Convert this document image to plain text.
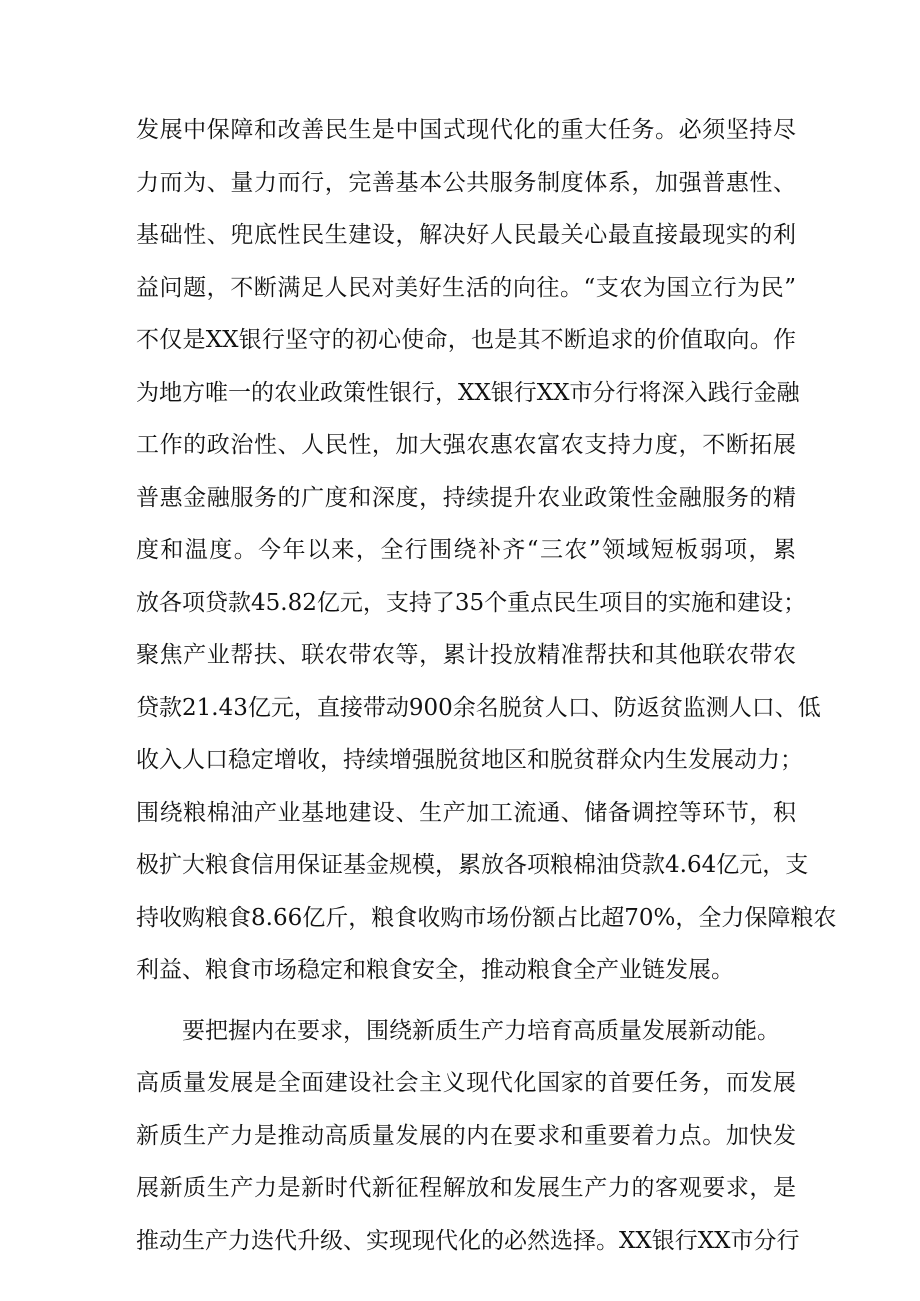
发展中保障和改善民生是中国式现代化的重大任务。必须坚持尽
力而为、量力而行，完善基本公共服务制度体系，加强普惠性、
基础性、兜底性民生建设，解决好人民最关心最直接最现实的利
益问题，不断满足人民对美好生活的向往。“支农为国立行为民”
不仅是XX银行坚守的初心使命，也是其不断追求的价值取向。作
为地方唯一的农业政策性银行，XX银行XX市分行将深入践行金融
工作的政治性、人民性，加大强农惠农富农支持力度，不断拓展
普惠金融服务的广度和深度，持续提升农业政策性金融服务的精
度和温度。今年以来，全行围绕补齐“三农”领域短板弱项，累
放各项贷款45.82亿元，支持了35个重点民生项目的实施和建设；
聚焦产业帮扶、联农带农等，累计投放精准帮扶和其他联农带农
贷款21.43亿元，直接带动900余名脱贫人口、防返贫监测人口、低
收入人口稳定增收，持续增强脱贫地区和脱贫群众内生发展动力；
围绕粮棉油产业基地建设、生产加工流通、储备调控等环节，积
极扩大粮食信用保证基金规模，累放各项粮棉油贷款4.64亿元，支
持收购粮食8.66亿斤，粮食收购市场份额占比超70%，全力保障粮农
利益、粮食市场稳定和粮食安全，推动粮食全产业链发展。
要把握内在要求，围绕新质生产力培育高质量发展新动能。
高质量发展是全面建设社会主义现代化国家的首要任务，而发展
新质生产力是推动高质量发展的内在要求和重要着力点。加快发
展新质生产力是新时代新征程解放和发展生产力的客观要求，是
推动生产力迭代升级、实现现代化的必然选择。XX银行XX市分行
